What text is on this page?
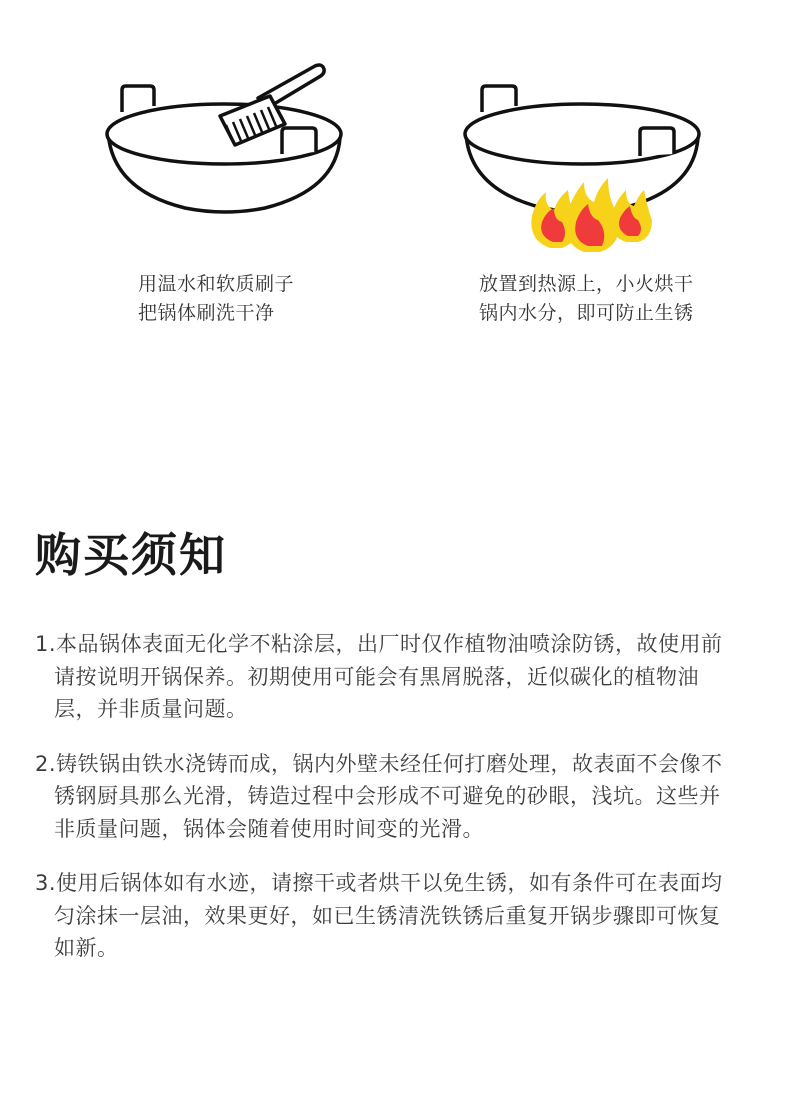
用温水和软质刷子
把锅体刷洗干净
放置到热源上，小火烘干
锅内水分，即可防止生锈
购买须知
1.本品锅体表面无化学不粘涂层，出厂时仅作植物油喷涂防锈，故使用前请按说明开锅保养。初期使用可能会有黒屑脱落，近似碳化的植物油层，并非质量问题。
2.铸铁锅由铁水浇铸而成，锅内外壁未经任何打磨处理，故表面不会像不锈钢厨具那么光滑，铸造过程中会形成不可避免的砂眼，浅坑。这些并非质量问题，锅体会随着使用时间变的光滑。
3.使用后锅体如有水迹，请擦干或者烘干以免生锈，如有条件可在表面均匀涂抹一层油，效果更好，如已生锈清洗铁锈后重复开锅步骤即可恢复如新。
